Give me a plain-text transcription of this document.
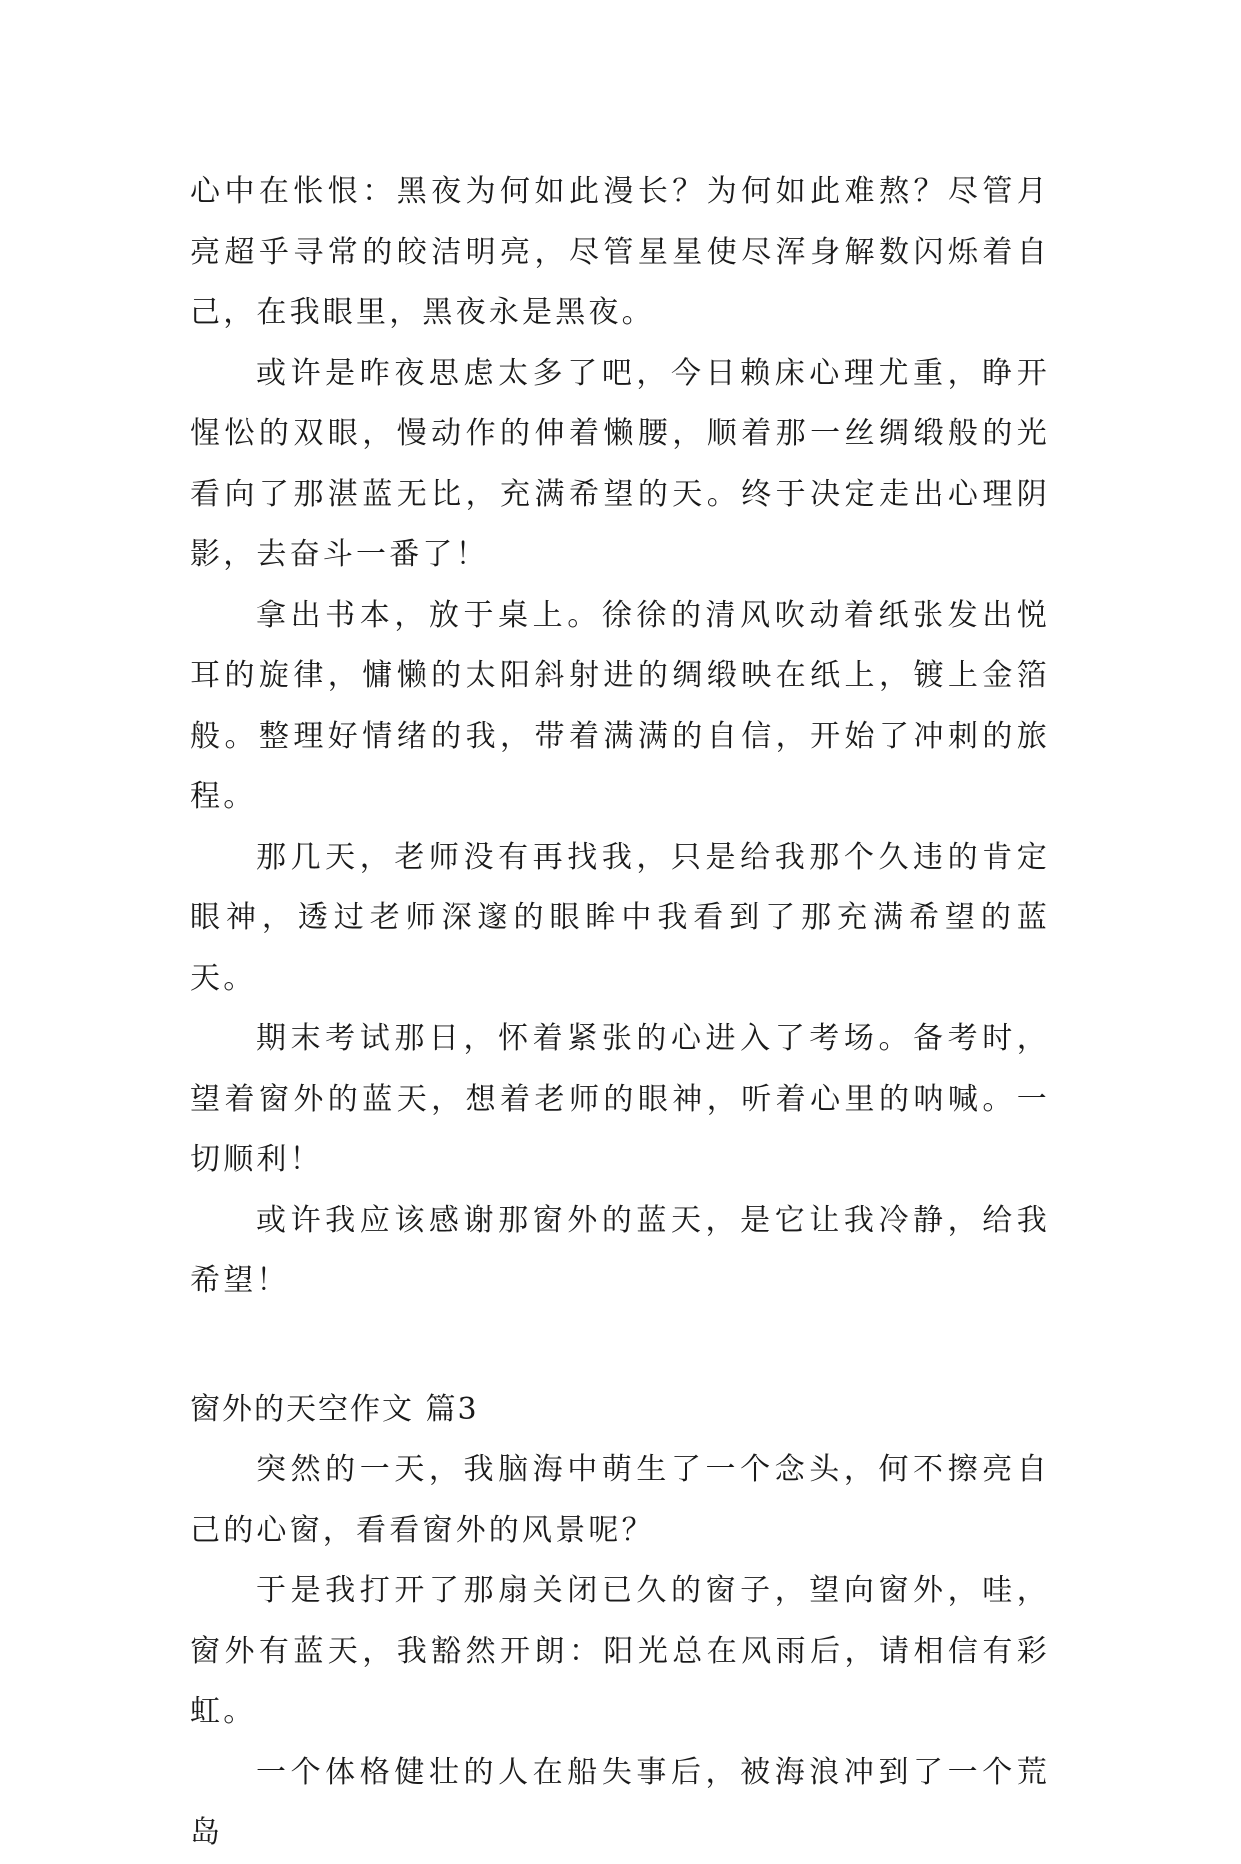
心中在怅恨：黑夜为何如此漫长？为何如此难熬？尽管月亮超乎寻常的皎洁明亮，尽管星星使尽浑身解数闪烁着自己，在我眼里，黑夜永是黑夜。

或许是昨夜思虑太多了吧，今日赖床心理尤重，睁开惺忪的双眼，慢动作的伸着懒腰，顺着那一丝绸缎般的光看向了那湛蓝无比，充满希望的天。终于决定走出心理阴影，去奋斗一番了！

拿出书本，放于桌上。徐徐的清风吹动着纸张发出悦耳的旋律，慵懒的太阳斜射进的绸缎映在纸上，镀上金箔般。整理好情绪的我，带着满满的自信，开始了冲刺的旅程。

那几天，老师没有再找我，只是给我那个久违的肯定眼神，透过老师深邃的眼眸中我看到了那充满希望的蓝天。

期末考试那日，怀着紧张的心进入了考场。备考时，望着窗外的蓝天，想着老师的眼神，听着心里的呐喊。一切顺利！

或许我应该感谢那窗外的蓝天，是它让我冷静，给我希望！

窗外的天空作文 篇3

突然的一天，我脑海中萌生了一个念头，何不擦亮自己的心窗，看看窗外的风景呢？

于是我打开了那扇关闭已久的窗子，望向窗外，哇，窗外有蓝天，我豁然开朗：阳光总在风雨后，请相信有彩虹。

一个体格健壮的人在船失事后，被海浪冲到了一个荒岛
